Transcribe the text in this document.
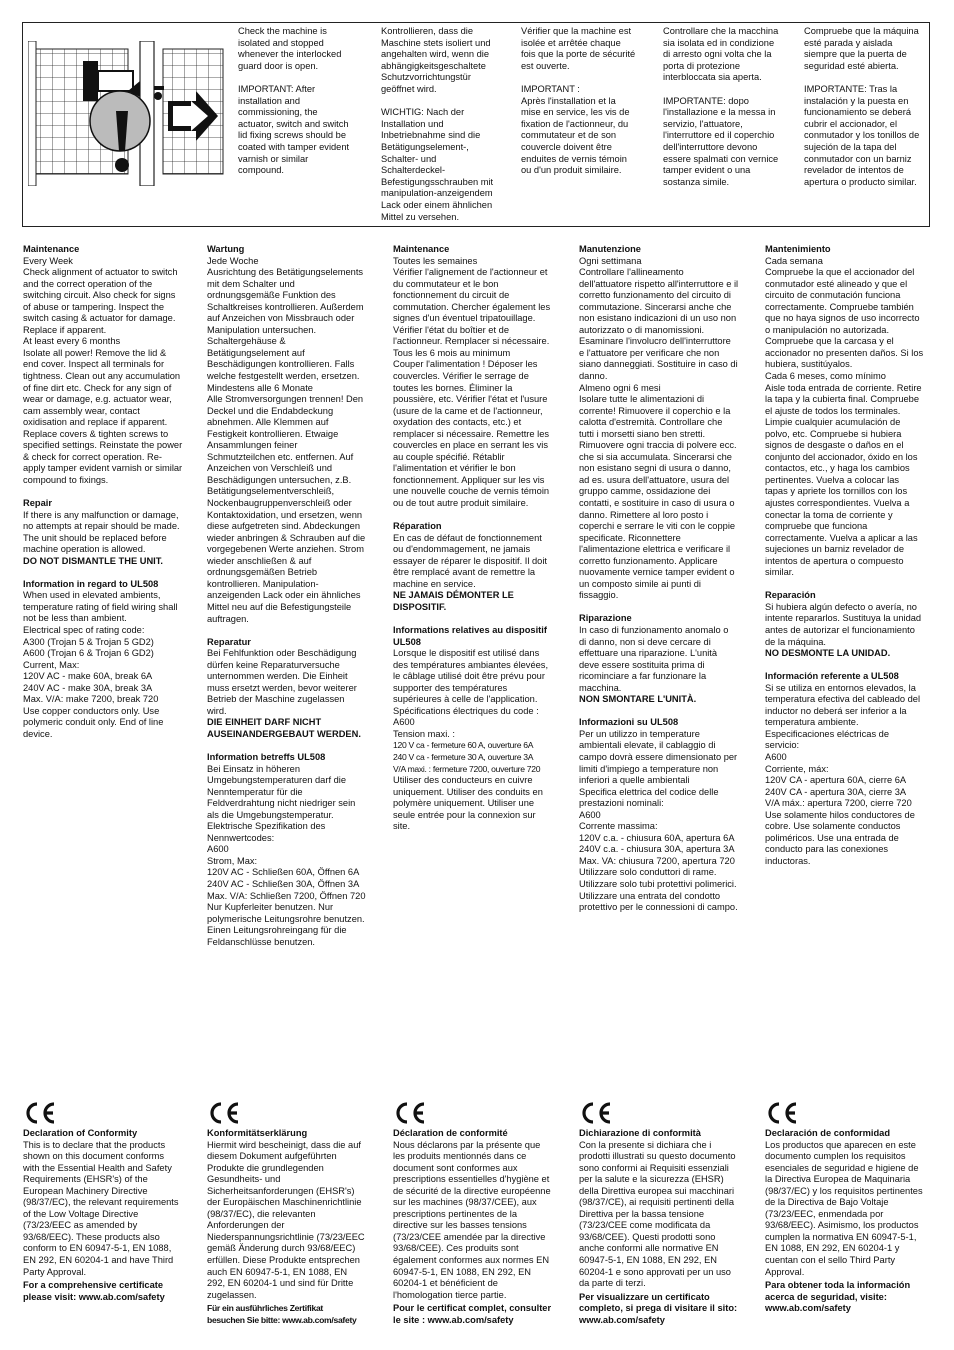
Check the machine is
isolated and stopped
whenever the interlocked
guard door is open.

IMPORTANT: After
installation and
commissioning, the
actuator, switch and switch
lid fixing screws should be
coated with tamper evident
varnish or similar
compound.
Kontrollieren, dass die
Maschine stets isoliert und
angehalten wird, wenn die
abhängigkeitsgeschaltete
Schutzvorrichtungstür
geöffnet wird.

WICHTIG: Nach der
Installation und
Inbetriebnahme sind die
Betätigungselement-,
Schalter- und
Schalterdeckel-
Befestigungsschrauben mit
manipulation-anzeigendem
Lack oder einem ähnlichen
Mittel zu versehen.
Vérifier que la machine est
isolée et arrêtée chaque
fois que la porte de sécurité
est ouverte.

IMPORTANT :
Après l'installation et la
mise en service, les vis de
fixation de l'actionneur, du
commutateur et de son
couvercle doivent être
enduites de vernis témoin
ou d'un produit similaire.
Controllare che la macchina
sia isolata ed in condizione
di arresto ogni volta che la
porta di protezione
interbloccata sia aperta.

IMPORTANTE: dopo
l'installazione e la messa in
servizio, l'attuatore,
l'interruttore ed il coperchio
dell'interruttore devono
essere spalmati con vernice
tamper evident o una
sostanza simile.
Compruebe que la máquina
esté parada y aislada
siempre que la puerta de
seguridad esté abierta.

IMPORTANTE: Tras la
instalación y la puesta en
funcionamiento se deberá
cubrir el accionador, el
conmutador y los tonillos de
sujeción de la tapa del
conmutador con un barniz
revelador de intentos de
apertura o producto similar.
Maintenance
Every Week
Check alignment of actuator to switch
and the correct operation of the
switching circuit. Also check for signs
of abuse or tampering. Inspect the
switch casing & actuator for damage.
Replace if apparent.
At least every 6 months
Isolate all power! Remove the lid &
end cover. Inspect all terminals for
tightness. Clean out any accumulation
of fine dirt etc. Check for any sign of
wear or damage, e.g. actuator wear,
cam assembly wear, contact
oxidisation and replace if apparent.
Replace covers & tighten screws to
specified settings. Reinstate the power
& check for correct operation. Re-
apply tamper evident varnish or similar
compound to fixings.
Repair
If there is any malfunction or damage,
no attempts at repair should be made.
The unit should be replaced before
machine operation is allowed.
DO NOT DISMANTLE THE UNIT.
Information in regard to UL508
When used in elevated ambients,
temperature rating of field wiring shall
not be less than ambient.
Electrical spec of rating code:
A300 (Trojan 5 & Trojan 5 GD2)
A600 (Trojan 6 & Trojan 6 GD2)
Current, Max:
120V AC - make 60A, break 6A
240V AC - make 30A, break 3A
Max. V/A: make 7200, break 720
Use copper conductors only. Use
polymeric conduit only. End of line
device.
Wartung
Jede Woche
Ausrichtung des Betätigungselements
mit dem Schalter und
ordnungsgemäße Funktion des
Schaltkreises kontrollieren. Außerdem
auf Anzeichen von Missbrauch oder
Manipulation untersuchen.
Schaltergehäuse &
Betätigungselement auf
Beschädigungen kontrollieren. Falls
welche festgestellt werden, ersetzen.
Mindestens alle 6 Monate
Alle Stromversorgungen trennen! Den
Deckel und die Endabdeckung
abnehmen. Alle Klemmen auf
Festigkeit kontrollieren. Etwaige
Ansammlungen feiner
Schmutzteilchen etc. entfernen. Auf
Anzeichen von Verschleiß und
Beschädigungen untersuchen, z.B.
Betätigungselementverschleiß,
Nockenbaugruppenverschleiß oder
Kontaktoxidation, und ersetzen, wenn
diese aufgetreten sind. Abdeckungen
wieder anbringen & Schrauben auf die
vorgegebenen Werte anziehen. Strom
wieder anschließen & auf
ordnungsgemäßen Betrieb
kontrollieren. Manipulation-
anzeigenden Lack oder ein ähnliches
Mittel neu auf die Befestigungsteile
auftragen.
Reparatur
Bei Fehlfunktion oder Beschädigung
dürfen keine Reparaturversuche
unternommen werden. Die Einheit
muss ersetzt werden, bevor weiterer
Betrieb der Maschine zugelassen
wird.
DIE EINHEIT DARF NICHT
AUSEINANDERGEBAUT WERDEN.
Information betreffs UL508
Bei Einsatz in höheren
Umgebungstemperaturen darf die
Nenntemperatur für die
Feldverdrahtung nicht niedriger sein
als die Umgebungstemperatur.
Elektrische Spezifikation des
Nennwertcodes:
A600
Strom, Max:
120V AC - Schließen 60A, Öffnen 6A
240V AC - Schließen 30A, Öffnen 3A
Max. V/A: Schließen 7200, Öffnen 720
Nur Kupferleiter benutzen. Nur
polymerische Leitungsrohre benutzen.
Einen Leitungsrohreingang für die
Feldanschlüsse benutzen.
Maintenance
Toutes les semaines
Vérifier l'alignement de l'actionneur et
du commutateur et le bon
fonctionnement du circuit de
commutation. Chercher également les
signes d'un éventuel tripatouillage.
Vérifier l'état du boîtier et de
l'actionneur. Remplacer si nécessaire.
Tous les 6 mois au minimum
Couper l'alimentation ! Déposer les
couvercles. Vérifier le serrage de
toutes les bornes. Éliminer la
poussière, etc. Vérifier l'état et l'usure
(usure de la came et de l'actionneur,
oxydation des contacts, etc.) et
remplacer si nécessaire. Remettre les
couvercles en place en serrant les vis
au couple spécifié. Rétablir
l'alimentation et vérifier le bon
fonctionnement. Appliquer sur les vis
une nouvelle couche de vernis témoin
ou de tout autre produit similaire.
Réparation
En cas de défaut de fonctionnement
ou d'endommagement, ne jamais
essayer de réparer le dispositif. Il doit
être remplacé avant de remettre la
machine en service.
NE JAMAIS DÉMONTER LE
DISPOSITIF.
Informations relatives au dispositif
UL508
Lorsque le dispositif est utilisé dans
des températures ambiantes élevées,
le câblage utilisé doit être prévu pour
supporter des températures
supérieures à celle de l'application.
Spécifications électriques du code :
A600
Tension maxi. :
120 V ca - fermeture 60 A, ouverture 6A
240 V ca - fermeture 30 A, ouverture 3A
V/A maxi. : fermeture 7200, ouverture 720
Utiliser des conducteurs en cuivre
uniquement. Utiliser des conduits en
polymère uniquement. Utiliser une
seule entrée pour la connexion sur
site.
Manutenzione
Ogni settimana
Controllare l'allineamento
dell'attuatore rispetto all'interruttore e il
corretto funzionamento del circuito di
commutazione. Sincerarsi anche che
non esistano indicazioni di un uso non
autorizzato o di manomissioni.
Esaminare l'involucro dell'interruttore
e l'attuatore per verificare che non
siano danneggiati. Sostituire in caso di
danno.
Almeno ogni 6 mesi
Isolare tutte le alimentazioni di
corrente! Rimuovere il coperchio e la
calotta d'estremità. Controllare che
tutti i morsetti siano ben stretti.
Rimuovere ogni traccia di polvere ecc.
che si sia accumulata. Sincerarsi che
non esistano segni di usura o danno,
ad es. usura dell'attuatore, usura del
gruppo camme, ossidazione dei
contatti, e sostituire in caso di usura o
danno. Rimettere al loro posto i
coperchi e serrare le viti con le coppie
specificate. Riconnettere
l'alimentazione elettrica e verificare il
corretto funzionamento. Applicare
nuovamente vernice tamper evident o
un composto simile ai punti di
fissaggio.
Riparazione
In caso di funzionamento anomalo o
di danno, non si deve cercare di
effettuare una riparazione. L'unità
deve essere sostituita prima di
ricominciare a far funzionare la
macchina.
NON SMONTARE L'UNITÀ.
Informazioni su UL508
Per un utilizzo in temperature
ambientali elevate, il cablaggio di
campo dovrà essere dimensionato per
limiti d'impiego a temperature non
inferiori a quelle ambientali
Specifica elettrica del codice delle
prestazioni nominali:
A600
Corrente massima:
120V c.a. - chiusura 60A, apertura 6A
240V c.a. - chiusura 30A, apertura 3A
Max. VA: chiusura 7200, apertura 720
Utilizzare solo conduttori di rame.
Utilizzare solo tubi protettivi polimerici.
Utilizzare una entrata del condotto
protettivo per le connessioni di campo.
Mantenimiento
Cada semana
Compruebe la que el accionador del
conmutador esté alineado y que el
circuito de conmutación funciona
correctamente. Compruebe también
que no haya signos de uso incorrecto
o manipulación no autorizada.
Compruebe que la carcasa y el
accionador no presenten daños. Si los
hubiera, sustitúyalos.
Cada 6 meses, como mínimo
Aisle toda entrada de corriente. Retire
la tapa y la cubierta final. Compruebe
el ajuste de todos los terminales.
Limpie cualquier acumulación de
polvo, etc. Compruebe si hubiera
signos de desgaste o daños en el
conjunto del accionador, óxido en los
contactos, etc., y haga los cambios
pertinentes. Vuelva a colocar las
tapas y apriete los tornillos con los
ajustes correspondientes. Vuelva a
conectar la toma de corriente y
compruebe que funciona
correctamente. Vuelva a aplicar a las
sujeciones un barniz revelador de
intentos de apertura o compuesto
similar.
Reparación
Si hubiera algún defecto o avería, no
intente repararlos. Sustituya la unidad
antes de autorizar el funcionamiento
de la máquina.
NO DESMONTE LA UNIDAD.
Información referente a UL508
Si se utiliza en entornos elevados, la
temperatura efectiva del cableado del
inductor no deberá ser inferior a la
temperatura ambiente.
Especificaciones eléctricas de
servicio:
A600
Corriente, máx:
120V CA - apertura 60A, cierre 6A
240V CA - apertura 30A, cierre 3A
V/A máx.: apertura 7200, cierre 720
Use solamente hilos conductores de
cobre. Use solamente conductos
poliméricos. Use una entrada de
conducto para las conexiones
inductoras.
Declaration of Conformity
This is to declare that the products
shown on this document conforms
with the Essential Health and Safety
Requirements (EHSR's) of the
European Machinery Directive
(98/37/EC), the relevant requirements
of the Low Voltage Directive
(73/23/EEC as amended by
93/68/EEC). These products also
conform to EN 60947-5-1, EN 1088,
EN 292, EN 60204-1 and have Third
Party Approval.
For a comprehensive certificate
please visit: www.ab.com/safety
Konformitätserklärung
Hiermit wird bescheinigt, dass die auf
diesem Dokument aufgeführten
Produkte die grundlegenden
Gesundheits- und
Sicherheitsanforderungen (EHSR's)
der Europäischen Maschinenrichtlinie
(98/37/EC), die relevanten
Anforderungen der
Niederspannungsrichtlinie (73/23/EEC
gemäß Änderung durch 93/68/EEC)
erfüllen. Diese Produkte entsprechen
auch EN 60947-5-1, EN 1088, EN
292, EN 60204-1 und sind für Dritte
zugelassen.
Für ein ausführliches Zertifikat
besuchen Sie bitte: www.ab.com/safety
Déclaration de conformité
Nous déclarons par la présente que
les produits mentionnés dans ce
document sont conformes aux
prescriptions essentielles d'hygiène et
de sécurité de la directive européenne
sur les machines (98/37/CEE), aux
prescriptions pertinentes de la
directive sur les basses tensions
(73/23/CEE amendée par la directive
93/68/CEE). Ces produits sont
également conformes aux normes EN
60947-5-1, EN 1088, EN 292, EN
60204-1 et bénéficient de
l'homologation tierce partie.
Pour le certificat complet, consulter
le site : www.ab.com/safety
Dichiarazione di conformità
Con la presente si dichiara che i
prodotti illustrati su questo documento
sono conformi ai Requisiti essenziali
per la salute e la sicurezza (EHSR)
della Direttiva europea sui macchinari
(98/37/CE), ai requisiti pertinenti della
Direttiva per la bassa tensione
(73/23/CEE come modificata da
93/68/CEE). Questi prodotti sono
anche conformi alle normative EN
60947-5-1, EN 1088, EN 292, EN
60204-1 e sono approvati per un uso
da parte di terzi.
Per visualizzare un certificato
completo, si prega di visitare il sito:
www.ab.com/safety
Declaración de conformidad
Los productos que aparecen en este
documento cumplen los requisitos
esenciales de seguridad e higiene de
la Directiva Europea de Maquinaria
(98/37/EC) y los requisitos pertinentes
de la Directiva de Bajo Voltaje
(73/23/EEC, enmendada por
93/68/EEC). Asimismo, los productos
cumplen la normativa EN 60947-5-1,
EN 1088, EN 292, EN 60204-1 y
cuentan con el sello Third Party
Approval.
Para obtener toda la información
acerca de seguridad, visite:
www.ab.com/safety
